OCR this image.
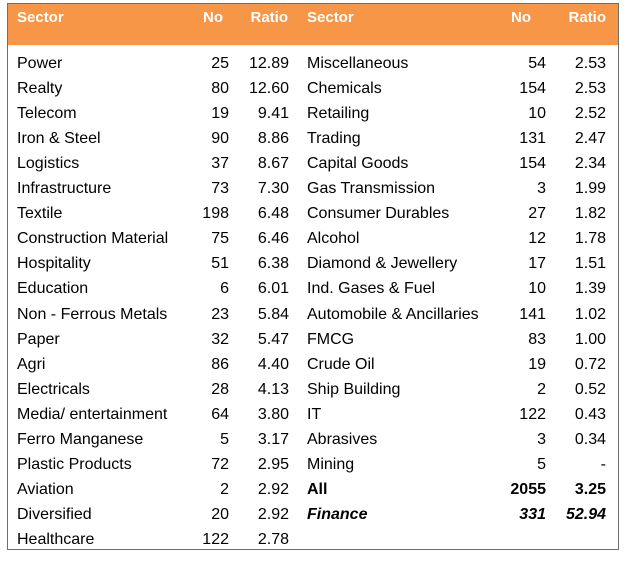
Sector	No Ratio Sector	No	Ratio
Power	25 12.89 Miscellaneous	54 2.53
Realty	80 12.60 Chemicals	154 2.53
Telecom	19 9.41 Retailing	10 2.52
Iron & Steel	90 8.86 Trading	131 2.47
Logistics	37 8.67 Capital Goods	154 2.34
Infrastructure	73 7.30 Gas Transmission	3 1.99
Textile	198 6.48 Consumer Durables	27 1.82
Construction Material	75 6.46 Alcohol	12 1.78
Hospitality	51 6.38 Diamond & Jewellery	17 1.51
Education	6 6.01 Ind. Gases & Fuel	10 1.39
Non - Ferrous Metals	23 5.84 Automobile & Ancillaries	141 1.02
Paper	32 5.47 FMCG	83 1.00
Agri	86 4.40 Crude Oil	19 0.72
Electricals	28 4.13 Ship Building	2 0.52
Media/ entertainment	64 3.80 IT	122 0.43
Ferro Manganese	5 3.17 Abrasives	3 0.34
Plastic Products	72 2.95 Mining	5	-
Aviation	2 2.92 All	2055 3.25
Diversified	20 2.92 Finance	331 52.94
Healthcare	122 2.78
